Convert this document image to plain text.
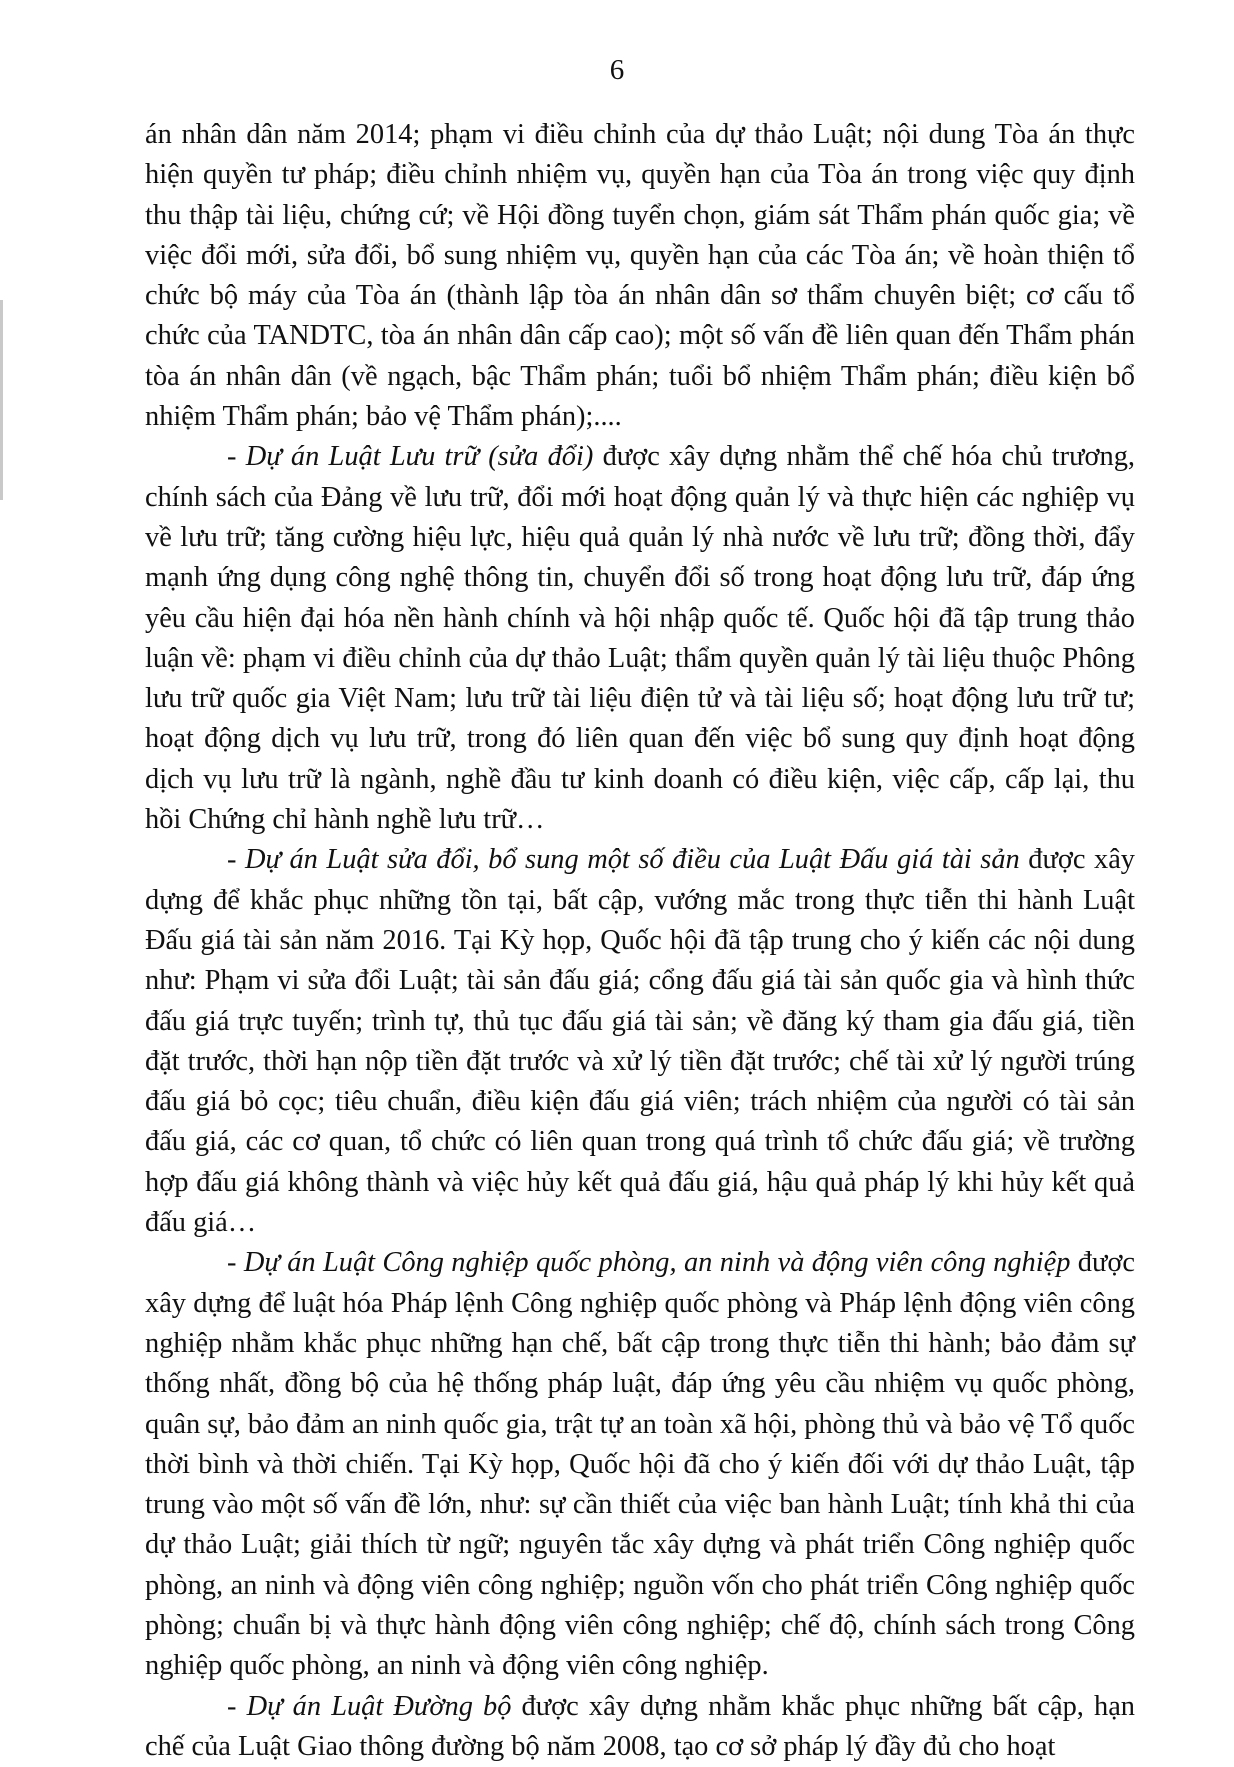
6

án nhân dân năm 2014; phạm vi điều chỉnh của dự thảo Luật; nội dung Tòa án thực hiện quyền tư pháp; điều chỉnh nhiệm vụ, quyền hạn của Tòa án trong việc quy định thu thập tài liệu, chứng cứ; về Hội đồng tuyển chọn, giám sát Thẩm phán quốc gia; về việc đổi mới, sửa đổi, bổ sung nhiệm vụ, quyền hạn của các Tòa án; về hoàn thiện tổ chức bộ máy của Tòa án (thành lập tòa án nhân dân sơ thẩm chuyên biệt; cơ cấu tổ chức của TANDTC, tòa án nhân dân cấp cao); một số vấn đề liên quan đến Thẩm phán tòa án nhân dân (về ngạch, bậc Thẩm phán; tuổi bổ nhiệm Thẩm phán; điều kiện bổ nhiệm Thẩm phán; bảo vệ Thẩm phán);....

- Dự án Luật Lưu trữ (sửa đổi) được xây dựng nhằm thể chế hóa chủ trương, chính sách của Đảng về lưu trữ, đổi mới hoạt động quản lý và thực hiện các nghiệp vụ về lưu trữ; tăng cường hiệu lực, hiệu quả quản lý nhà nước về lưu trữ; đồng thời, đẩy mạnh ứng dụng công nghệ thông tin, chuyển đổi số trong hoạt động lưu trữ, đáp ứng yêu cầu hiện đại hóa nền hành chính và hội nhập quốc tế. Quốc hội đã tập trung thảo luận về: phạm vi điều chỉnh của dự thảo Luật; thẩm quyền quản lý tài liệu thuộc Phông lưu trữ quốc gia Việt Nam; lưu trữ tài liệu điện tử và tài liệu số; hoạt động lưu trữ tư; hoạt động dịch vụ lưu trữ, trong đó liên quan đến việc bổ sung quy định hoạt động dịch vụ lưu trữ là ngành, nghề đầu tư kinh doanh có điều kiện, việc cấp, cấp lại, thu hồi Chứng chỉ hành nghề lưu trữ…

- Dự án Luật sửa đổi, bổ sung một số điều của Luật Đấu giá tài sản được xây dựng để khắc phục những tồn tại, bất cập, vướng mắc trong thực tiễn thi hành Luật Đấu giá tài sản năm 2016. Tại Kỳ họp, Quốc hội đã tập trung cho ý kiến các nội dung như: Phạm vi sửa đổi Luật; tài sản đấu giá; cổng đấu giá tài sản quốc gia và hình thức đấu giá trực tuyến; trình tự, thủ tục đấu giá tài sản; về đăng ký tham gia đấu giá, tiền đặt trước, thời hạn nộp tiền đặt trước và xử lý tiền đặt trước; chế tài xử lý người trúng đấu giá bỏ cọc; tiêu chuẩn, điều kiện đấu giá viên; trách nhiệm của người có tài sản đấu giá, các cơ quan, tổ chức có liên quan trong quá trình tổ chức đấu giá; về trường hợp đấu giá không thành và việc hủy kết quả đấu giá, hậu quả pháp lý khi hủy kết quả đấu giá…

- Dự án Luật Công nghiệp quốc phòng, an ninh và động viên công nghiệp được xây dựng để luật hóa Pháp lệnh Công nghiệp quốc phòng và Pháp lệnh động viên công nghiệp nhằm khắc phục những hạn chế, bất cập trong thực tiễn thi hành; bảo đảm sự thống nhất, đồng bộ của hệ thống pháp luật, đáp ứng yêu cầu nhiệm vụ quốc phòng, quân sự, bảo đảm an ninh quốc gia, trật tự an toàn xã hội, phòng thủ và bảo vệ Tổ quốc thời bình và thời chiến. Tại Kỳ họp, Quốc hội đã cho ý kiến đối với dự thảo Luật, tập trung vào một số vấn đề lớn, như: sự cần thiết của việc ban hành Luật; tính khả thi của dự thảo Luật; giải thích từ ngữ; nguyên tắc xây dựng và phát triển Công nghiệp quốc phòng, an ninh và động viên công nghiệp; nguồn vốn cho phát triển Công nghiệp quốc phòng; chuẩn bị và thực hành động viên công nghiệp; chế độ, chính sách trong Công nghiệp quốc phòng, an ninh và động viên công nghiệp.

- Dự án Luật Đường bộ được xây dựng nhằm khắc phục những bất cập, hạn chế của Luật Giao thông đường bộ năm 2008, tạo cơ sở pháp lý đầy đủ cho hoạt
